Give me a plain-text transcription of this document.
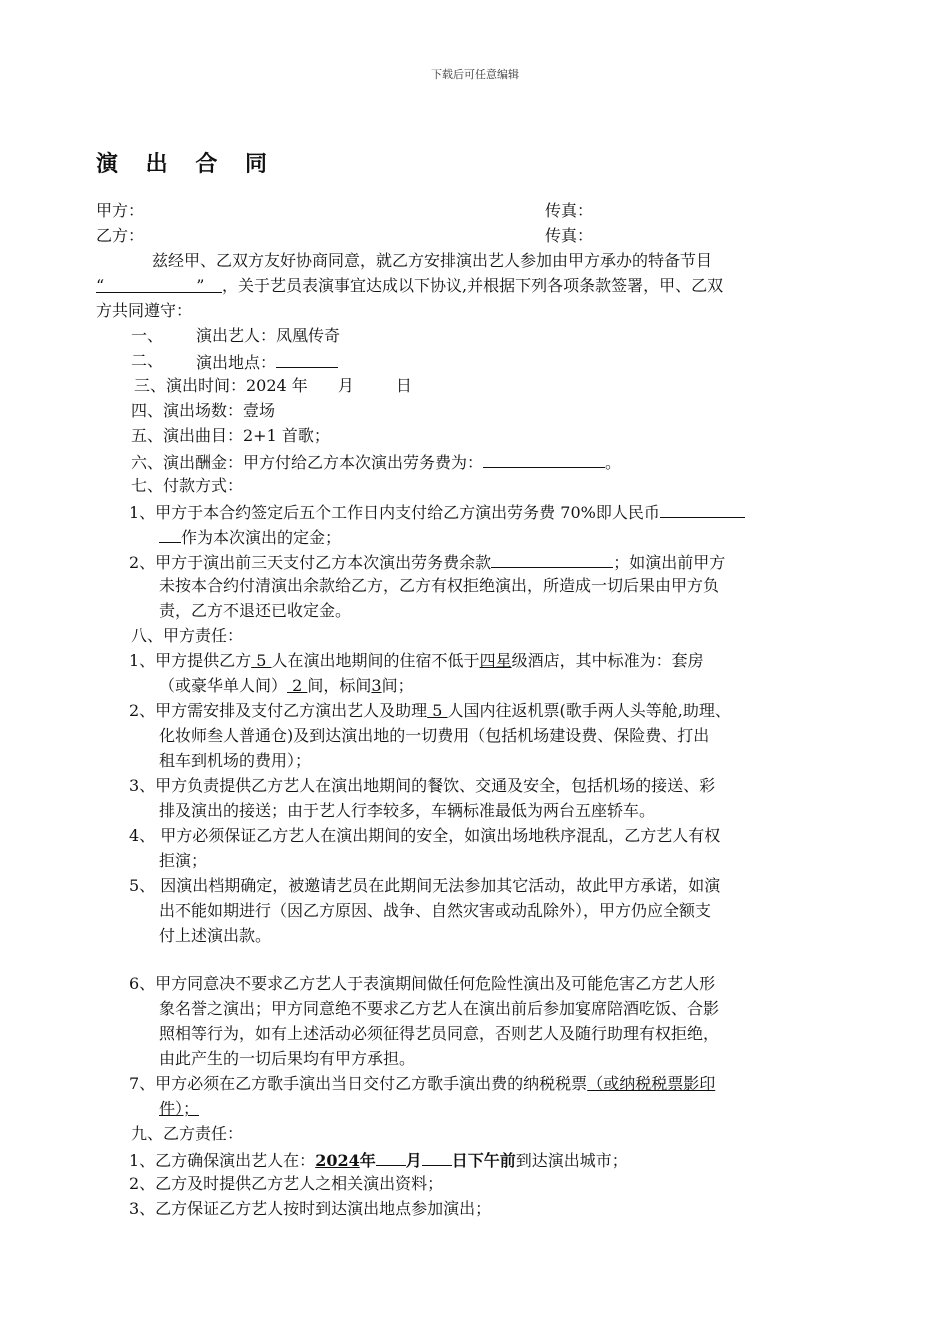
下载后可任意编辑
演 出 合 同
甲方：	传真：
乙方：	传真：
兹经甲、乙双方友好协商同意，就乙方安排演出艺人参加由甲方承办的特备节目
“	” ，关于艺员表演事宜达成以下协议,并根据下列各项条款签署，甲、乙双
方共同遵守：
一、 演出艺人：凤凰传奇
二、 演出地点：
三、演出时间：2024 年 月	日
四、演出场数：壹场
五、演出曲目：2+1 首歌；
六、演出酬金：甲方付给乙方本次演出劳务费为：	。
七、付款方式：
1、甲方于本合约签定后五个工作日内支付给乙方演出劳务费 70%即人民币
作为本次演出的定金；
2、甲方于演出前三天支付乙方本次演出劳务费余款	；如演出前甲方
未按本合约付清演出余款给乙方，乙方有权拒绝演出，所造成一切后果由甲方负
责，乙方不退还已收定金。
八、甲方责任：
1、甲方提供乙方 5 人在演出地期间的住宿不低于四星级酒店，其中标准为：套房
（或豪华单人间） 2 间，标间3间；
2、甲方需安排及支付乙方演出艺人及助理 5 人国内往返机票(歌手两人头等舱,助理、
化妆师叁人普通仓)及到达演出地的一切费用（包括机场建设费、保险费、打出
租车到机场的费用）；
3、甲方负责提供乙方艺人在演出地期间的餐饮、交通及安全，包括机场的接送、彩
排及演出的接送；由于艺人行李较多，车辆标准最低为两台五座轿车。
4、 甲方必须保证乙方艺人在演出期间的安全，如演出场地秩序混乱，乙方艺人有权
拒演；
5、 因演出档期确定，被邀请艺员在此期间无法参加其它活动，故此甲方承诺，如演
出不能如期进行（因乙方原因、战争、自然灾害或动乱除外），甲方仍应全额支
付上述演出款。
6、甲方同意决不要求乙方艺人于表演期间做任何危险性演出及可能危害乙方艺人形
象名誉之演出；甲方同意绝不要求乙方艺人在演出前后参加宴席陪酒吃饭、合影
照相等行为，如有上述活动必须征得艺员同意，否则艺人及随行助理有权拒绝，
由此产生的一切后果均有甲方承担。
7、甲方必须在乙方歌手演出当日交付乙方歌手演出费的纳税税票（或纳税税票影印
件）；
九、乙方责任：
1、乙方确保演出艺人在：2024年 月 日下午前到达演出城市；
2、乙方及时提供乙方艺人之相关演出资料；
3、乙方保证乙方艺人按时到达演出地点参加演出；
